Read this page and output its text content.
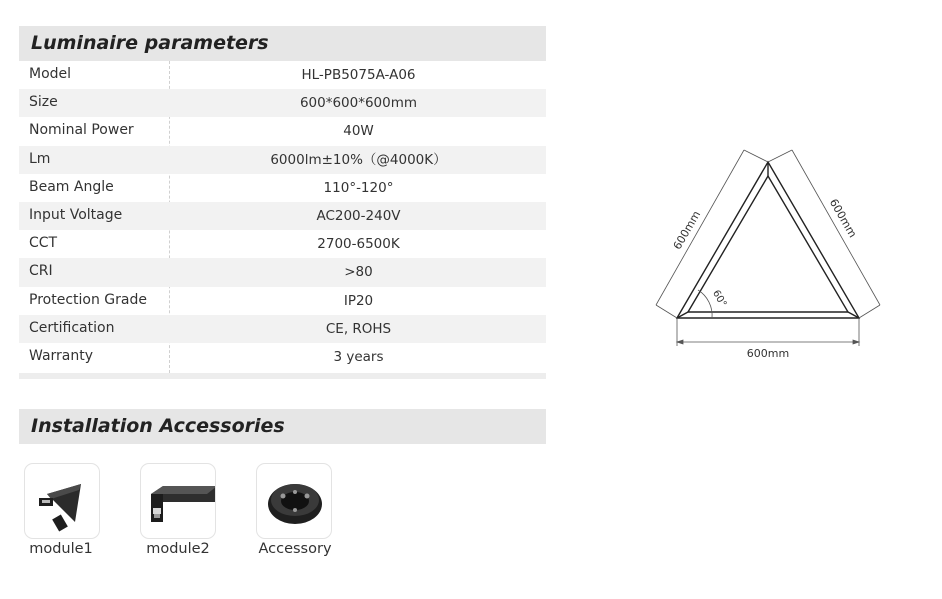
Luminaire parameters
Model	HL-PB5075A-A06
Size	600*600*600mm
Nominal Power	40W
Lm	6000lm±10%（@4000K）
Beam Angle	110°-120°
Input Voltage	AC200-240V
CCT	2700-6500K
CRI	>80
Protection Grade	IP20
Certification	CE, ROHS
Warranty	3 years
Installation Accessories
module1	module2	Accessory
600mm	600mm
600mm
60°
